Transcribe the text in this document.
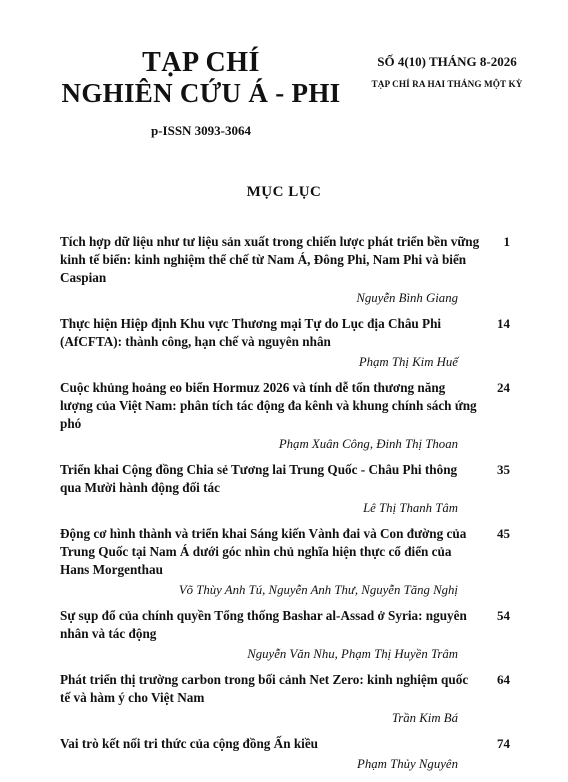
TẠP CHÍ
NGHIÊN CỨU Á - PHI
p-ISSN 3093-3064
SỐ 4(10) THÁNG 8-2026
TẠP CHÍ RA HAI THÁNG MỘT KỲ
MỤC LỤC

Tích hợp dữ liệu như tư liệu sản xuất trong chiến lược phát triển bền vững kinh tế biển: kinh nghiệm thể chế từ Nam Á, Đông Phi, Nam Phi và biển Caspian

1
Nguyễn Bình Giang

Thực hiện Hiệp định Khu vực Thương mại Tự do Lục địa Châu Phi (AfCFTA): thành công, hạn chế và nguyên nhân

14
Phạm Thị Kim Huế

Cuộc khủng hoảng eo biển Hormuz 2026 và tính dễ tổn thương năng lượng của Việt Nam: phân tích tác động đa kênh và khung chính sách ứng phó

24
Phạm Xuân Công, Đinh Thị Thoan

Triển khai Cộng đồng Chia sẻ Tương lai Trung Quốc - Châu Phi thông qua Mười hành động đối tác

35
Lê Thị Thanh Tâm

Động cơ hình thành và triển khai Sáng kiến Vành đai và Con đường của Trung Quốc tại Nam Á dưới góc nhìn chủ nghĩa hiện thực cổ điển của Hans Morgenthau

45
Võ Thùy Anh Tú, Nguyễn Anh Thư, Nguyễn Tăng Nghị

Sự sụp đổ của chính quyền Tổng thống Bashar al-Assad ở Syria: nguyên nhân và tác động

54
Nguyễn Văn Nhu, Phạm Thị Huyền Trâm

Phát triển thị trường carbon trong bối cảnh Net Zero: kinh nghiệm quốc tế và hàm ý cho Việt Nam

64
Trần Kim Bá

Vai trò kết nối tri thức của cộng đồng Ấn kiều	74
Phạm Thủy Nguyên
